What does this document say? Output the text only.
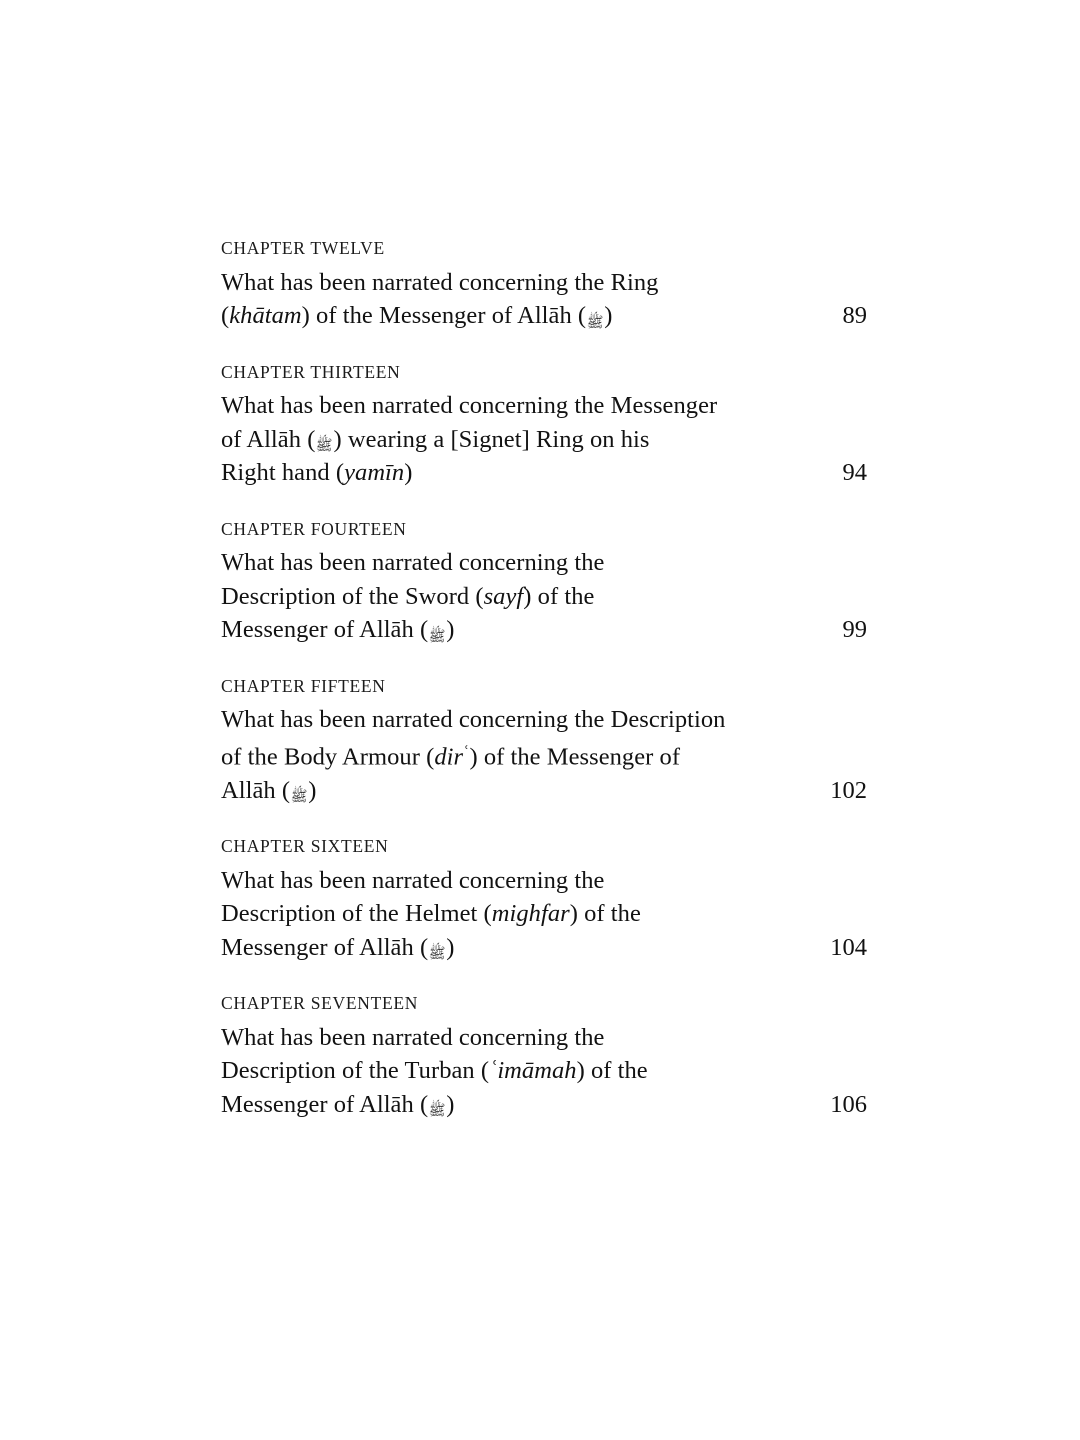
CHAPTER TWELVE
What has been narrated concerning the Ring
(khātam) of the Messenger of Allāh (ﷺ)	89
CHAPTER THIRTEEN
What has been narrated concerning the Messenger
of Allāh (ﷺ) wearing a [Signet] Ring on his
Right hand (yamīn)	94
CHAPTER FOURTEEN
What has been narrated concerning the
Description of the Sword (sayf) of the
Messenger of Allāh (ﷺ)	99
CHAPTER FIFTEEN
What has been narrated concerning the Description
of the Body Armour (dir$^ʿ$) of the Messenger of
Allāh (ﷺ)	102
CHAPTER SIXTEEN
What has been narrated concerning the
Description of the Helmet (mighfar) of the
Messenger of Allāh (ﷺ)	104
CHAPTER SEVENTEEN
What has been narrated concerning the
Description of the Turban (ʿimāmah) of the
Messenger of Allāh (ﷺ)	106
